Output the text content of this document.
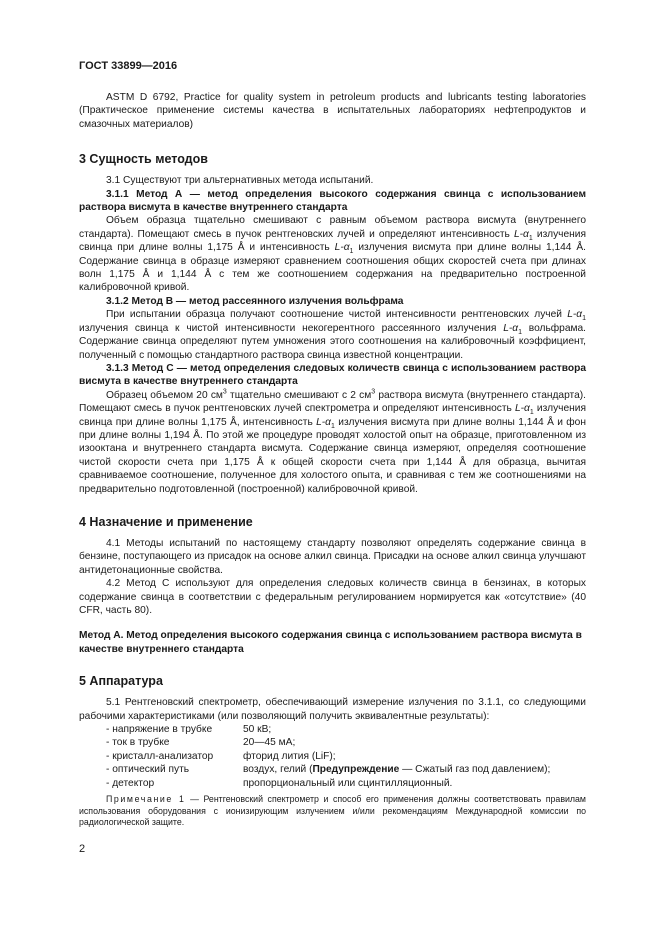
ГОСТ 33899—2016

ASTM D 6792, Practice for quality system in petroleum products and lubricants testing laboratories (Практическое применение системы качества в испытательных лабораториях нефтепродуктов и смазочных материалов)

3 Сущность методов

3.1 Существуют три альтернативных метода испытаний.

3.1.1 Метод А — метод определения высокого содержания свинца с использованием раствора висмута в качестве внутреннего стандарта

Объем образца тщательно смешивают с равным объемом раствора висмута (внутреннего стандарта). Помещают смесь в пучок рентгеновских лучей и определяют интенсивность $L-\alpha_1$ излучения свинца при длине волны 1,175 Å и интенсивность $L-\alpha_1$ излучения висмута при длине волны 1,144 Å. Содержание свинца в образце измеряют сравнением соотношения общих скоростей счета при длинах волн 1,175 Å и 1,144 Å с тем же соотношением содержания на предварительно построенной калибровочной кривой.

3.1.2 Метод В — метод рассеянного излучения вольфрама

При испытании образца получают соотношение чистой интенсивности рентгеновских лучей $L-\alpha_1$ излучения свинца к чистой интенсивности некогерентного рассеянного излучения $L-\alpha_1$ вольфрама. Содержание свинца определяют путем умножения этого соотношения на калибровочный коэффициент, полученный с помощью стандартного раствора свинца известной концентрации.

3.1.3 Метод С — метод определения следовых количеств свинца с использованием раствора висмута в качестве внутреннего стандарта

Образец объемом 20 $см^3$ тщательно смешивают с 2 $см^3$ раствора висмута (внутреннего стандарта). Помещают смесь в пучок рентгеновских лучей спектрометра и определяют интенсивность $L-\alpha_1$ излучения свинца при длине волны 1,175 Å, интенсивность $L-\alpha_1$ излучения висмута при длине волны 1,144 Å и фон при длине волны 1,194 Å. По этой же процедуре проводят холостой опыт на образце, приготовленном из изооктана и внутреннего стандарта висмута. Содержание свинца измеряют, определяя соотношение чистой скорости счета при 1,175 Å к общей скорости счета при 1,144 Å для образца, вычитая сравниваемое соотношение, полученное для холостого опыта, и сравнивая с тем же соотношениями на предварительно подготовленной (построенной) калибровочной кривой.

4 Назначение и применение

4.1 Методы испытаний по настоящему стандарту позволяют определять содержание свинца в бензине, поступающего из присадок на основе алкил свинца. Присадки на основе алкил свинца улучшают антидетонационные свойства.

4.2 Метод С используют для определения следовых количеств свинца в бензинах, в которых содержание свинца в соответствии с федеральным регулированием нормируется как «отсутствие» (40 CFR, часть 80).

Метод А. Метод определения высокого содержания свинца с использованием раствора висмута в качестве внутреннего стандарта

5 Аппаратура

5.1 Рентгеновский спектрометр, обеспечивающий измерение излучения по 3.1.1, со следующими рабочими характеристиками (или позволяющий получить эквивалентные результаты):

- напряжение в трубке	50 кВ;
- ток в трубке	20—45 мА;
- кристалл-анализатор	фторид лития (LiF);
- оптический путь	воздух, гелий (Предупреждение — Сжатый газ под давлением);
- детектор	пропорциональный или сцинтилляционный.

Примечание 1 — Рентгеновский спектрометр и способ его применения должны соответствовать правилам использования оборудования с ионизирующим излучением и/или рекомендациям Международной комиссии по радиологической защите.

2
